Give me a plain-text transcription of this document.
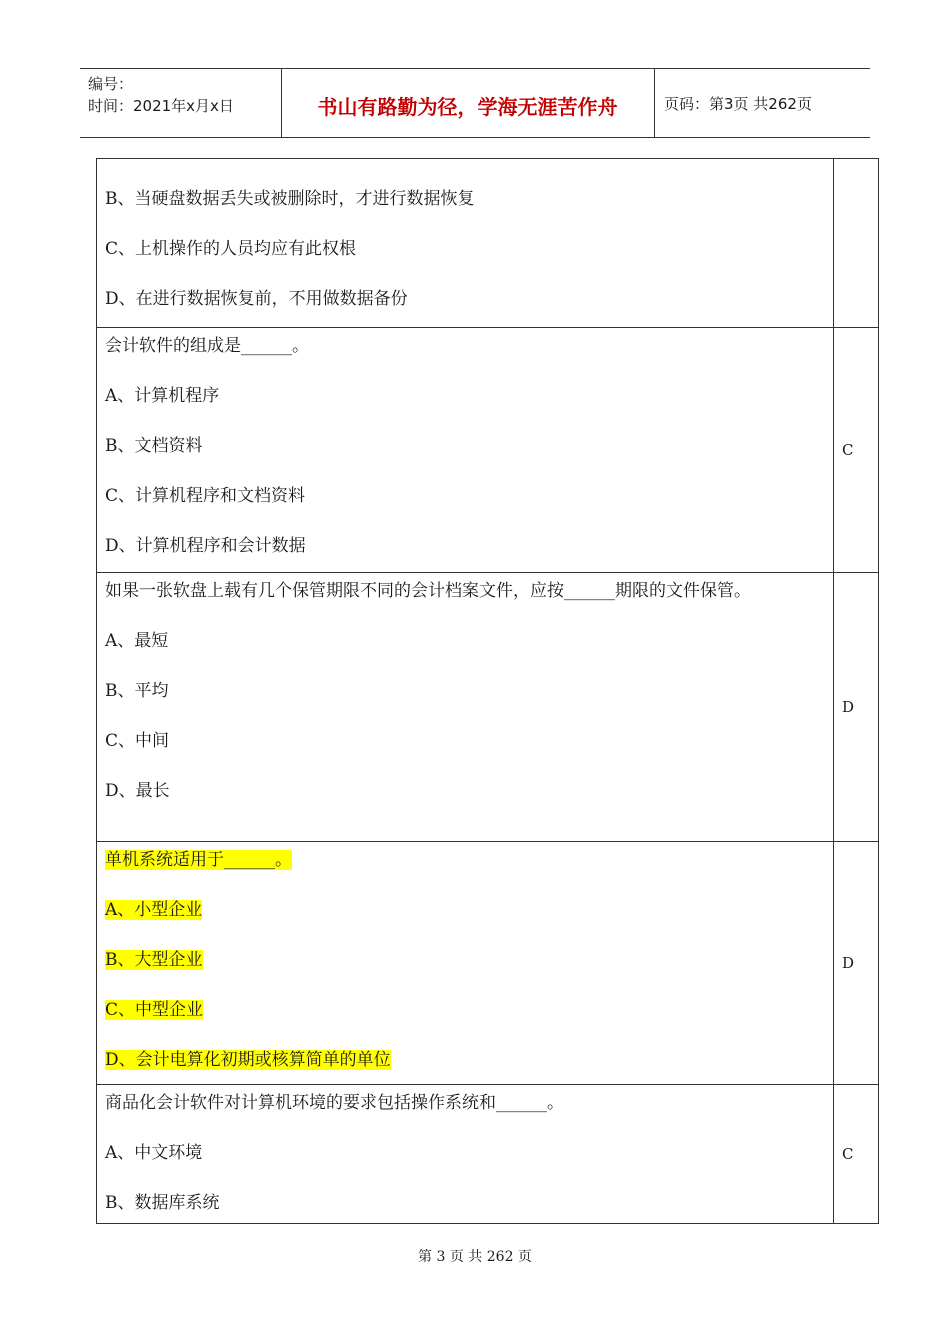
编号：
时间：2021年x月x日	书山有路勤为径，学海无涯苦作舟	页码：第3页 共262页
B、当硬盘数据丢失或被删除时，才进行数据恢复
C、上机操作的人员均应有此权根
D、在进行数据恢复前，不用做数据备份	

会计软件的组成是______。
A、计算机程序
B、文档资料
C、计算机程序和文档资料
D、计算机程序和会计数据	C

如果一张软盘上载有几个保管期限不同的会计档案文件，应按______期限的文件保管。
A、最短
B、平均
C、中间
D、最长	D

单机系统适用于______。
A、小型企业
B、大型企业
C、中型企业
D、会计电算化初期或核算简单的单位	D

商品化会计软件对计算机环境的要求包括操作系统和______。
A、中文环境
B、数据库系统	C
第 3 页 共 262 页
